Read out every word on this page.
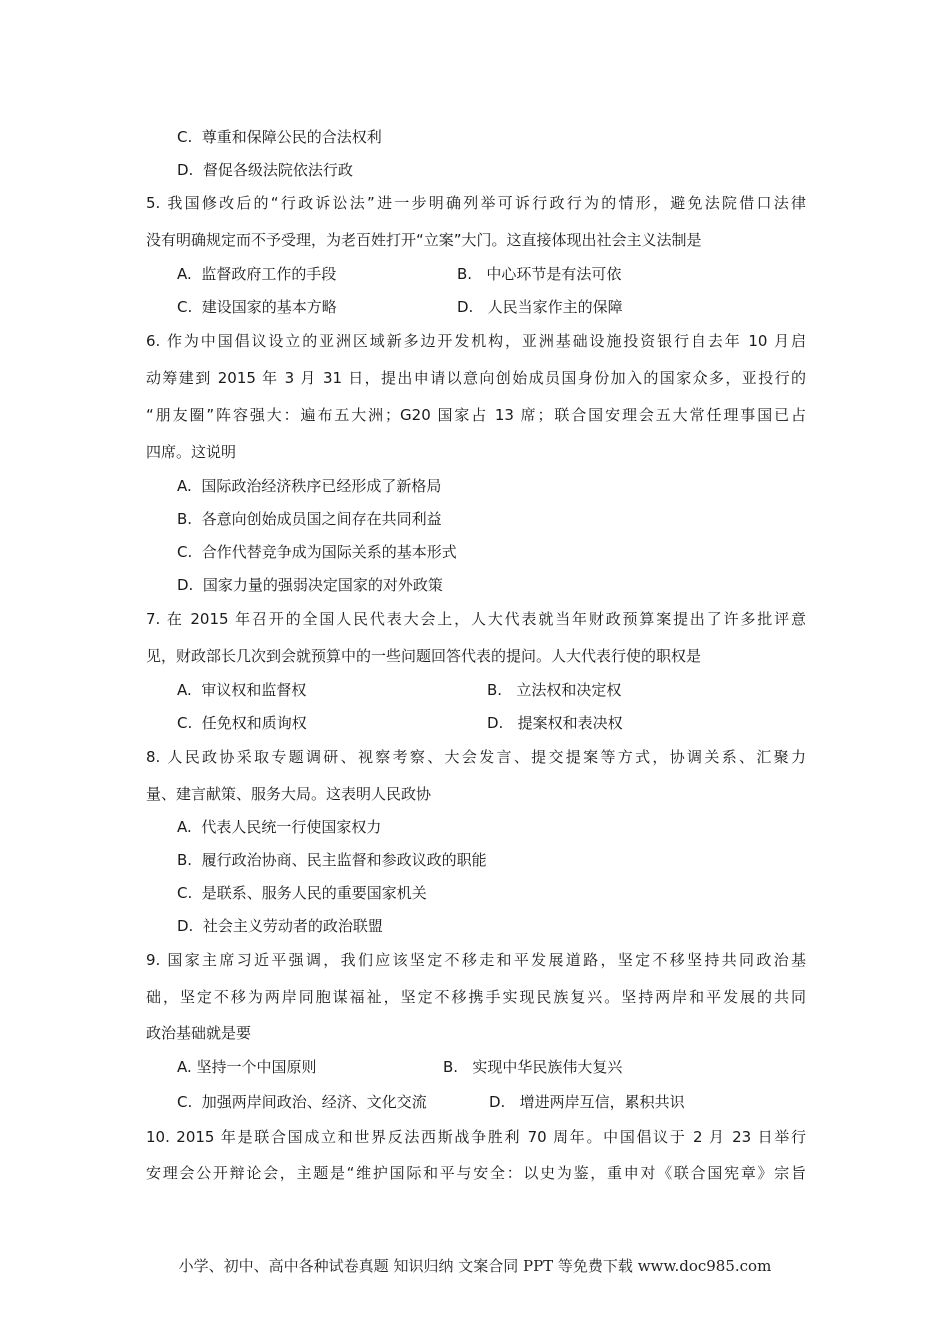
C. 尊重和保障公民的合法权利
D. 督促各级法院依法行政
5. 我国修改后的“行政诉讼法”进一步明确列举可诉行政行为的情形，避免法院借口法律
没有明确规定而不予受理，为老百姓打开“立案”大门。这直接体现出社会主义法制是
A. 监督政府工作的手段	B. 中心环节是有法可依
C. 建设国家的基本方略	D. 人民当家作主的保障
6. 作为中国倡议设立的亚洲区域新多边开发机构，亚洲基础设施投资银行自去年 10 月启
动筹建到 2015 年 3 月 31 日，提出申请以意向创始成员国身份加入的国家众多，亚投行的
“朋友圈”阵容强大：遍布五大洲；G20 国家占 13 席；联合国安理会五大常任理事国已占
四席。这说明
A. 国际政治经济秩序已经形成了新格局
B. 各意向创始成员国之间存在共同利益
C. 合作代替竞争成为国际关系的基本形式
D. 国家力量的强弱决定国家的对外政策
7. 在 2015 年召开的全国人民代表大会上，人大代表就当年财政预算案提出了许多批评意
见，财政部长几次到会就预算中的一些问题回答代表的提问。人大代表行使的职权是
A. 审议权和监督权	B. 立法权和决定权
C. 任免权和质询权	D. 提案权和表决权
8. 人民政协采取专题调研、视察考察、大会发言、提交提案等方式，协调关系、汇聚力
量、建言献策、服务大局。这表明人民政协
A. 代表人民统一行使国家权力
B. 履行政治协商、民主监督和参政议政的职能
C. 是联系、服务人民的重要国家机关
D. 社会主义劳动者的政治联盟
9. 国家主席习近平强调，我们应该坚定不移走和平发展道路，坚定不移坚持共同政治基
础，坚定不移为两岸同胞谋福祉，坚定不移携手实现民族复兴。坚持两岸和平发展的共同
政治基础就是要
A. 坚持一个中国原则	B. 实现中华民族伟大复兴
C. 加强两岸间政治、经济、文化交流	D. 增进两岸互信，累积共识
10. 2015 年是联合国成立和世界反法西斯战争胜利 70 周年。中国倡议于 2 月 23 日举行
安理会公开辩论会，主题是“维护国际和平与安全：以史为鉴，重申对《联合国宪章》宗旨
小学、初中、高中各种试卷真题 知识归纳 文案合同 PPT 等免费下载 www.doc985.com
